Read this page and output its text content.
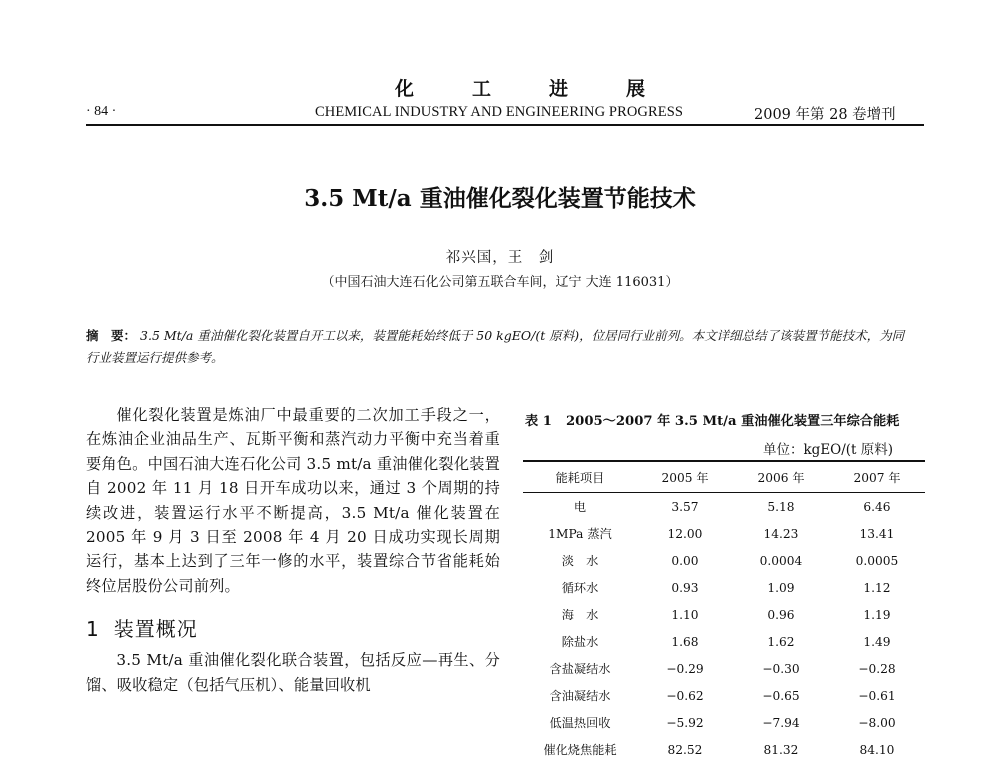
化	工	进	展
· 84 ·	CHEMICAL INDUSTRY AND ENGINEERING PROGRESS	2009 年第 28 卷增刊
3.5 Mt/a 重油催化裂化装置节能技术
祁兴国，王　剑
（中国石油大连石化公司第五联合车间，辽宁 大连 116031）
摘　要： 3.5 Mt/a 重油催化裂化装置自开工以来，装置能耗始终低于 50 kgEO/(t 原料)，位居同行业前列。本文详细总结了该装置节能技术，为同行业装置运行提供参考。

催化裂化装置是炼油厂中最重要的二次加工手段之一，在炼油企业油品生产、瓦斯平衡和蒸汽动力平衡中充当着重要角色。中国石油大连石化公司 3.5 mt/a 重油催化裂化装置自 2002 年 11 月 18 日开车成功以来，通过 3 个周期的持续改进，装置运行水平不断提高，3.5 Mt/a 催化装置在 2005 年 9 月 3 日至 2008 年 4 月 20 日成功实现长周期运行，基本上达到了三年一修的水平，装置综合节省能耗始终位居股份公司前列。

1 装置概况

3.5 Mt/a 重油催化裂化联合装置，包括反应—再生、分馏、吸收稳定（包括气压机）、能量回收机

表 1 2005～2007 年 3.5 Mt/a 重油催化装置三年综合能耗
单位：kgEO/(t 原料)
能耗项目	2005 年	2006 年	2007 年
电	3.57	5.18	6.46
1MPa 蒸汽	12.00	14.23	13.41
淡　水	0.00	0.0004	0.0005
循环水	0.93	1.09	1.12
海　水	1.10	0.96	1.19
除盐水	1.68	1.62	1.49
含盐凝结水	−0.29	−0.30	−0.28
含油凝结水	−0.62	−0.65	−0.61
低温热回收	−5.92	−7.94	−8.00
催化烧焦能耗	82.52	81.32	84.10
